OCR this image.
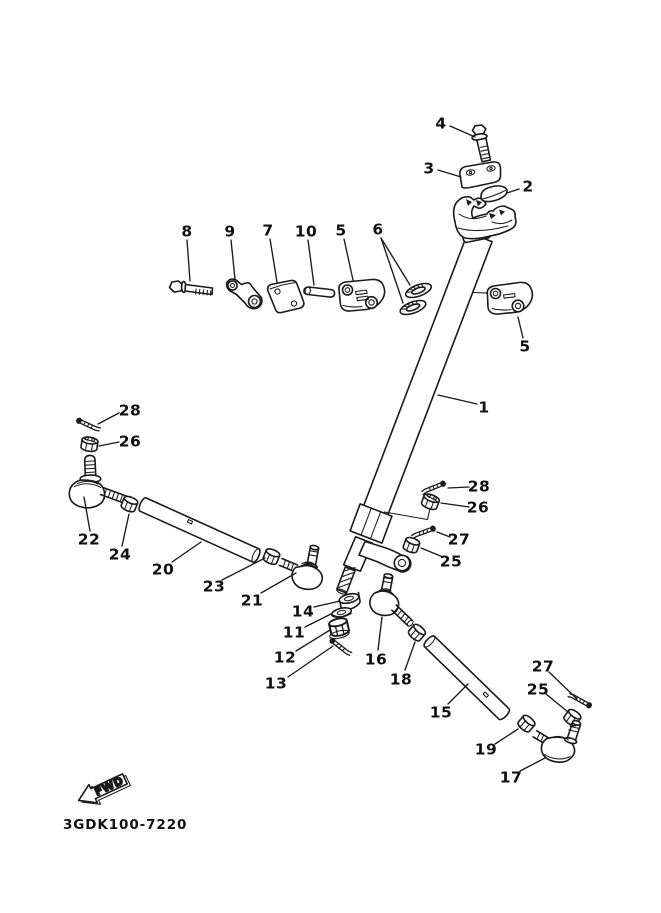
FWD
4
3
2
8 9 7 10 5 6
5
1
28
26
22
24
20
23
21
14
11
12
13
16
18
15
19
17
28
26
27
25
27
25
3GDK100-7220
